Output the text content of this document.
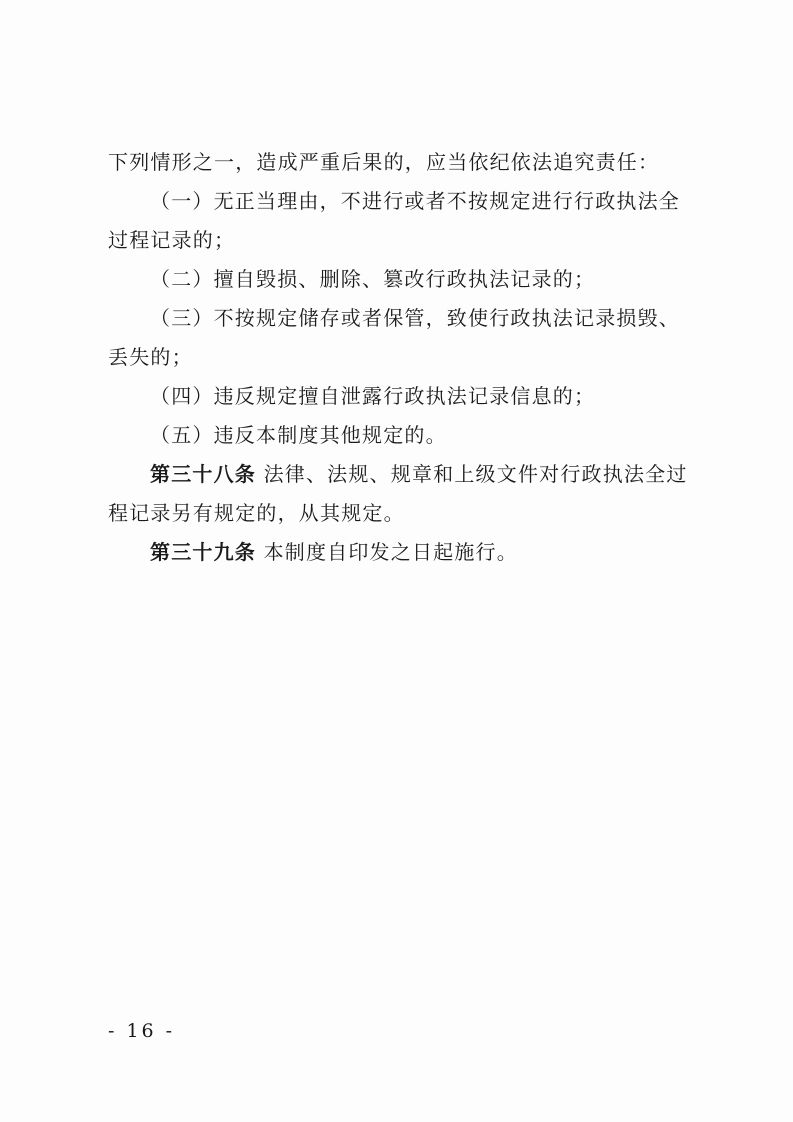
下列情形之一，造成严重后果的，应当依纪依法追究责任：
（一）无正当理由，不进行或者不按规定进行行政执法全
过程记录的；
（二）擅自毁损、删除、篡改行政执法记录的；
（三）不按规定储存或者保管，致使行政执法记录损毁、
丢失的；
（四）违反规定擅自泄露行政执法记录信息的；
（五）违反本制度其他规定的。
第三十八条 法律、法规、规章和上级文件对行政执法全过
程记录另有规定的，从其规定。
第三十九条 本制度自印发之日起施行。
- 16 -
